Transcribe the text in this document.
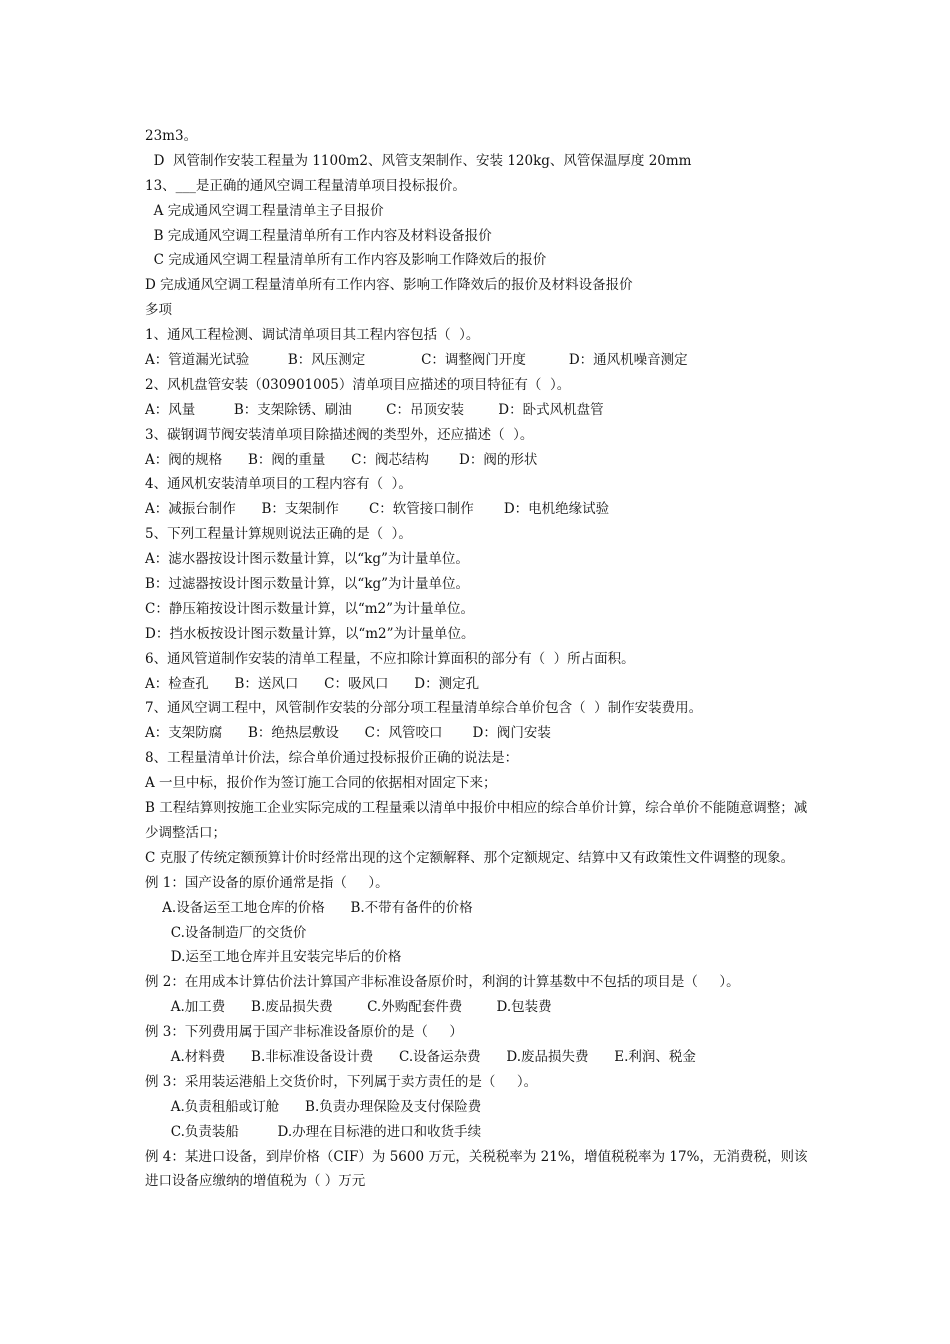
23m3。
D  风管制作安装工程量为 1100m2、风管支架制作、安装 120kg、风管保温厚度 20mm
13、___是正确的通风空调工程量清单项目投标报价。
A 完成通风空调工程量清单主子目报价
B 完成通风空调工程量清单所有工作内容及材料设备报价
C 完成通风空调工程量清单所有工作内容及影响工作降效后的报价
D 完成通风空调工程量清单所有工作内容、影响工作降效后的报价及材料设备报价
多项
1、通风工程检测、调试清单项目其工程内容包括（  ）。
A：管道漏光试验         B：风压测定             C：调整阀门开度          D：通风机噪音测定
2、风机盘管安装（030901005）清单项目应描述的项目特征有（  ）。
A：风量         B：支架除锈、刷油        C：吊顶安装        D：卧式风机盘管
3、碳钢调节阀安装清单项目除描述阀的类型外，还应描述（  ）。
A：阀的规格      B：阀的重量      C：阀芯结构       D：阀的形状
4、通风机安装清单项目的工程内容有（  ）。
A：减振台制作      B：支架制作       C：软管接口制作       D：电机绝缘试验
5、下列工程量计算规则说法正确的是（  ）。
A：滤水器按设计图示数量计算，以“kg”为计量单位。
B：过滤器按设计图示数量计算，以“kg”为计量单位。
C：静压箱按设计图示数量计算，以“m2”为计量单位。
D：挡水板按设计图示数量计算，以“m2”为计量单位。
6、通风管道制作安装的清单工程量，不应扣除计算面积的部分有（  ）所占面积。
A：检查孔      B：送风口      C：吸风口      D：测定孔
7、通风空调工程中，风管制作安装的分部分项工程量清单综合单价包含（  ）制作安装费用。
A：支架防腐      B：绝热层敷设      C：风管咬口       D：阀门安装
8、工程量清单计价法，综合单价通过投标报价正确的说法是：
A 一旦中标，报价作为签订施工合同的依据相对固定下来；
B 工程结算则按施工企业实际完成的工程量乘以清单中报价中相应的综合单价计算，综合单价不能随意调整；减少调整活口；
C 克服了传统定额预算计价时经常出现的这个定额解释、那个定额规定、结算中又有政策性文件调整的现象。
例 1：国产设备的原价通常是指（     ）。
A.设备运至工地仓库的价格      B.不带有备件的价格
C.设备制造厂的交货价
D.运至工地仓库并且安装完毕后的价格
例 2：在用成本计算估价法计算国产非标准设备原价时，利润的计算基数中不包括的项目是（     ）。
A.加工费      B.废品损失费        C.外购配套件费        D.包装费
例 3：下列费用属于国产非标准设备原价的是（     ）
A.材料费      B.非标准设备设计费      C.设备运杂费      D.废品损失费      E.利润、税金
例 3：采用装运港船上交货价时，下列属于卖方责任的是（     ）。
A.负责租船或订舱      B.负责办理保险及支付保险费
C.负责装船         D.办理在目标港的进口和收货手续
例 4：某进口设备，到岸价格（CIF）为 5600 万元，关税税率为 21%，增值税税率为 17%，无消费税，则该进口设备应缴纳的增值税为（ ）万元
